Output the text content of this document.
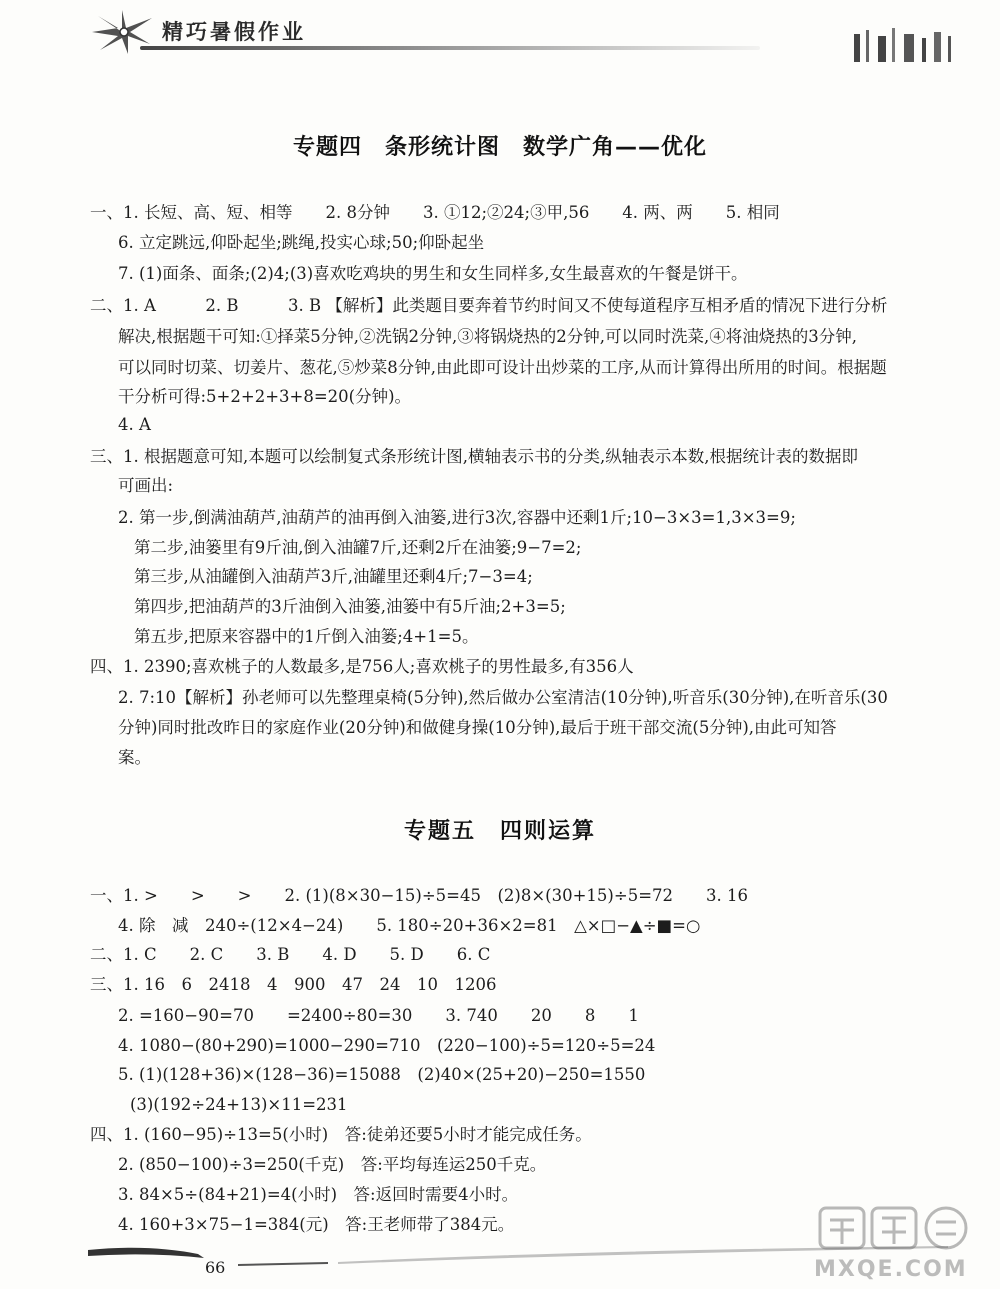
精巧暑假作业
专题四　条形统计图　数学广角——优化
一、1. 长短、高、短、相等　　2. 8分钟　　3. ①12;②24;③甲,56　　4. 两、两　　5. 相同
6. 立定跳远,仰卧起坐;跳绳,投实心球;50;仰卧起坐
7. (1)面条、面条;(2)4;(3)喜欢吃鸡块的男生和女生同样多,女生最喜欢的午餐是饼干。
二、1. A　　　2. B　　　3. B 【解析】此类题目要奔着节约时间又不使每道程序互相矛盾的情况下进行分析
解决,根据题干可知:①择菜5分钟,②洗锅2分钟,③将锅烧热的2分钟,可以同时洗菜,④将油烧热的3分钟,
可以同时切菜、切姜片、葱花,⑤炒菜8分钟,由此即可设计出炒菜的工序,从而计算得出所用的时间。根据题
干分析可得:5+2+2+3+8=20(分钟)。
4. A
三、1. 根据题意可知,本题可以绘制复式条形统计图,横轴表示书的分类,纵轴表示本数,根据统计表的数据即
可画出:
2. 第一步,倒满油葫芦,油葫芦的油再倒入油篓,进行3次,容器中还剩1斤;10−3×3=1,3×3=9;
第二步,油篓里有9斤油,倒入油罐7斤,还剩2斤在油篓;9−7=2;
第三步,从油罐倒入油葫芦3斤,油罐里还剩4斤;7−3=4;
第四步,把油葫芦的3斤油倒入油篓,油篓中有5斤油;2+3=5;
第五步,把原来容器中的1斤倒入油篓;4+1=5。
四、1. 2390;喜欢桃子的人数最多,是756人;喜欢桃子的男性最多,有356人
2. 7:10【解析】孙老师可以先整理桌椅(5分钟),然后做办公室清洁(10分钟),听音乐(30分钟),在听音乐(30
分钟)同时批改昨日的家庭作业(20分钟)和做健身操(10分钟),最后于班干部交流(5分钟),由此可知答
案。
专题五　四则运算
一、1. >　　>　　>　　2. (1)(8×30−15)÷5=45　(2)8×(30+15)÷5=72　　3. 16
4. 除　减　240÷(12×4−24)　　5. 180÷20+36×2=81　△×□−▲÷■=○
二、1. C　　2. C　　3. B　　4. D　　5. D　　6. C
三、1. 16　6　2418　4　900　47　24　10　1206
2. =160−90=70　　=2400÷80=30　　3. 740　　20　　8　　1
4. 1080−(80+290)=1000−290=710　(220−100)÷5=120÷5=24
5. (1)(128+36)×(128−36)=15088　(2)40×(25+20)−250=1550
(3)(192÷24+13)×11=231
四、1. (160−95)÷13=5(小时)　答:徒弟还要5小时才能完成任务。
2. (850−100)÷3=250(千克)　答:平均每连运250千克。
3. 84×5÷(84+21)=4(小时)　答:返回时需要4小时。
4. 160+3×75−1=384(元)　答:王老师带了384元。
66	MXQE.COM
